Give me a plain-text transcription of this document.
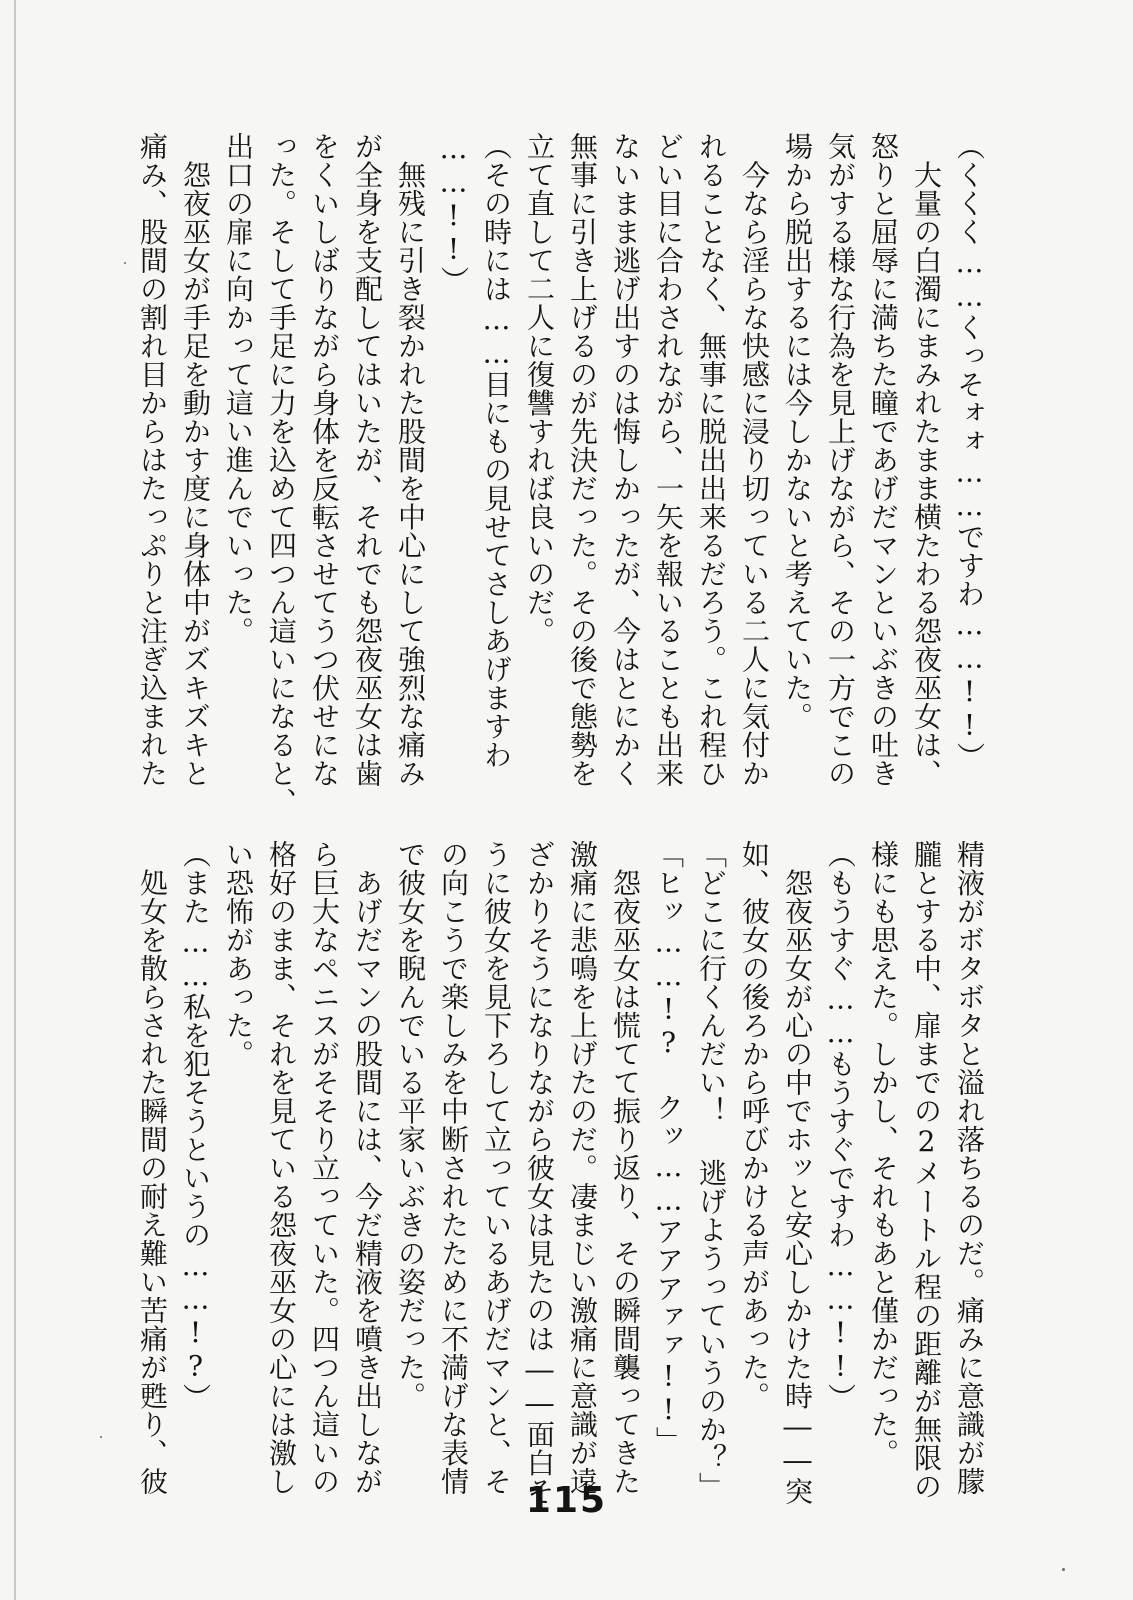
（くくく……くっそォォ……ですわ……!!）

　大量の白濁にまみれたまま横たわる怨夜巫女は、

怒りと屈辱に満ちた瞳であげだマンといぶきの吐き

気がする様な行為を見上げながら、その一方でこの

場から脱出するには今しかないと考えていた。

　今なら淫らな快感に浸り切っている二人に気付か

れることなく、無事に脱出出来るだろう。これ程ひ

どい目に合わされながら、一矢を報いることも出来

ないまま逃げ出すのは悔しかったが、今はとにかく

無事に引き上げるのが先決だった。その後で態勢を

立て直して二人に復讐すれば良いのだ。

（その時には……目にもの見せてさしあげますわ

……!!）

　無残に引き裂かれた股間を中心にして強烈な痛み

が全身を支配してはいたが、それでも怨夜巫女は歯

をくいしばりながら身体を反転させてうつ伏せにな

った。そして手足に力を込めて四つん這いになると、

出口の扉に向かって這い進んでいった。

　怨夜巫女が手足を動かす度に身体中がズキズキと

痛み、股間の割れ目からはたっぷりと注ぎ込まれた

精液がボタボタと溢れ落ちるのだ。痛みに意識が朦

朧とする中、扉までの2メートル程の距離が無限の

様にも思えた。しかし、それもあと僅かだった。

（もうすぐ……もうすぐですわ……!!）

　怨夜巫女が心の中でホッと安心しかけた時――突

如、彼女の後ろから呼びかける声があった。

「どこに行くんだい！ 逃げようっていうのか？」

「ヒッ……!? クッ……アアアァァ!!」

　怨夜巫女は慌てて振り返り、その瞬間襲ってきた

激痛に悲鳴を上げたのだ。凄まじい激痛に意識が遠

ざかりそうになりながら彼女は見たのは――面白そ

うに彼女を見下ろして立っているあげだマンと、そ

の向こうで楽しみを中断されたために不満げな表情

で彼女を睨んでいる平家いぶきの姿だった。

　あげだマンの股間には、今だ精液を噴き出しなが

ら巨大なペニスがそそり立っていた。四つん這いの

格好のまま、それを見ている怨夜巫女の心には激し

い恐怖があった。

（また……私を犯そうというの……!?）

　処女を散らされた瞬間の耐え難い苦痛が甦り、彼

115
